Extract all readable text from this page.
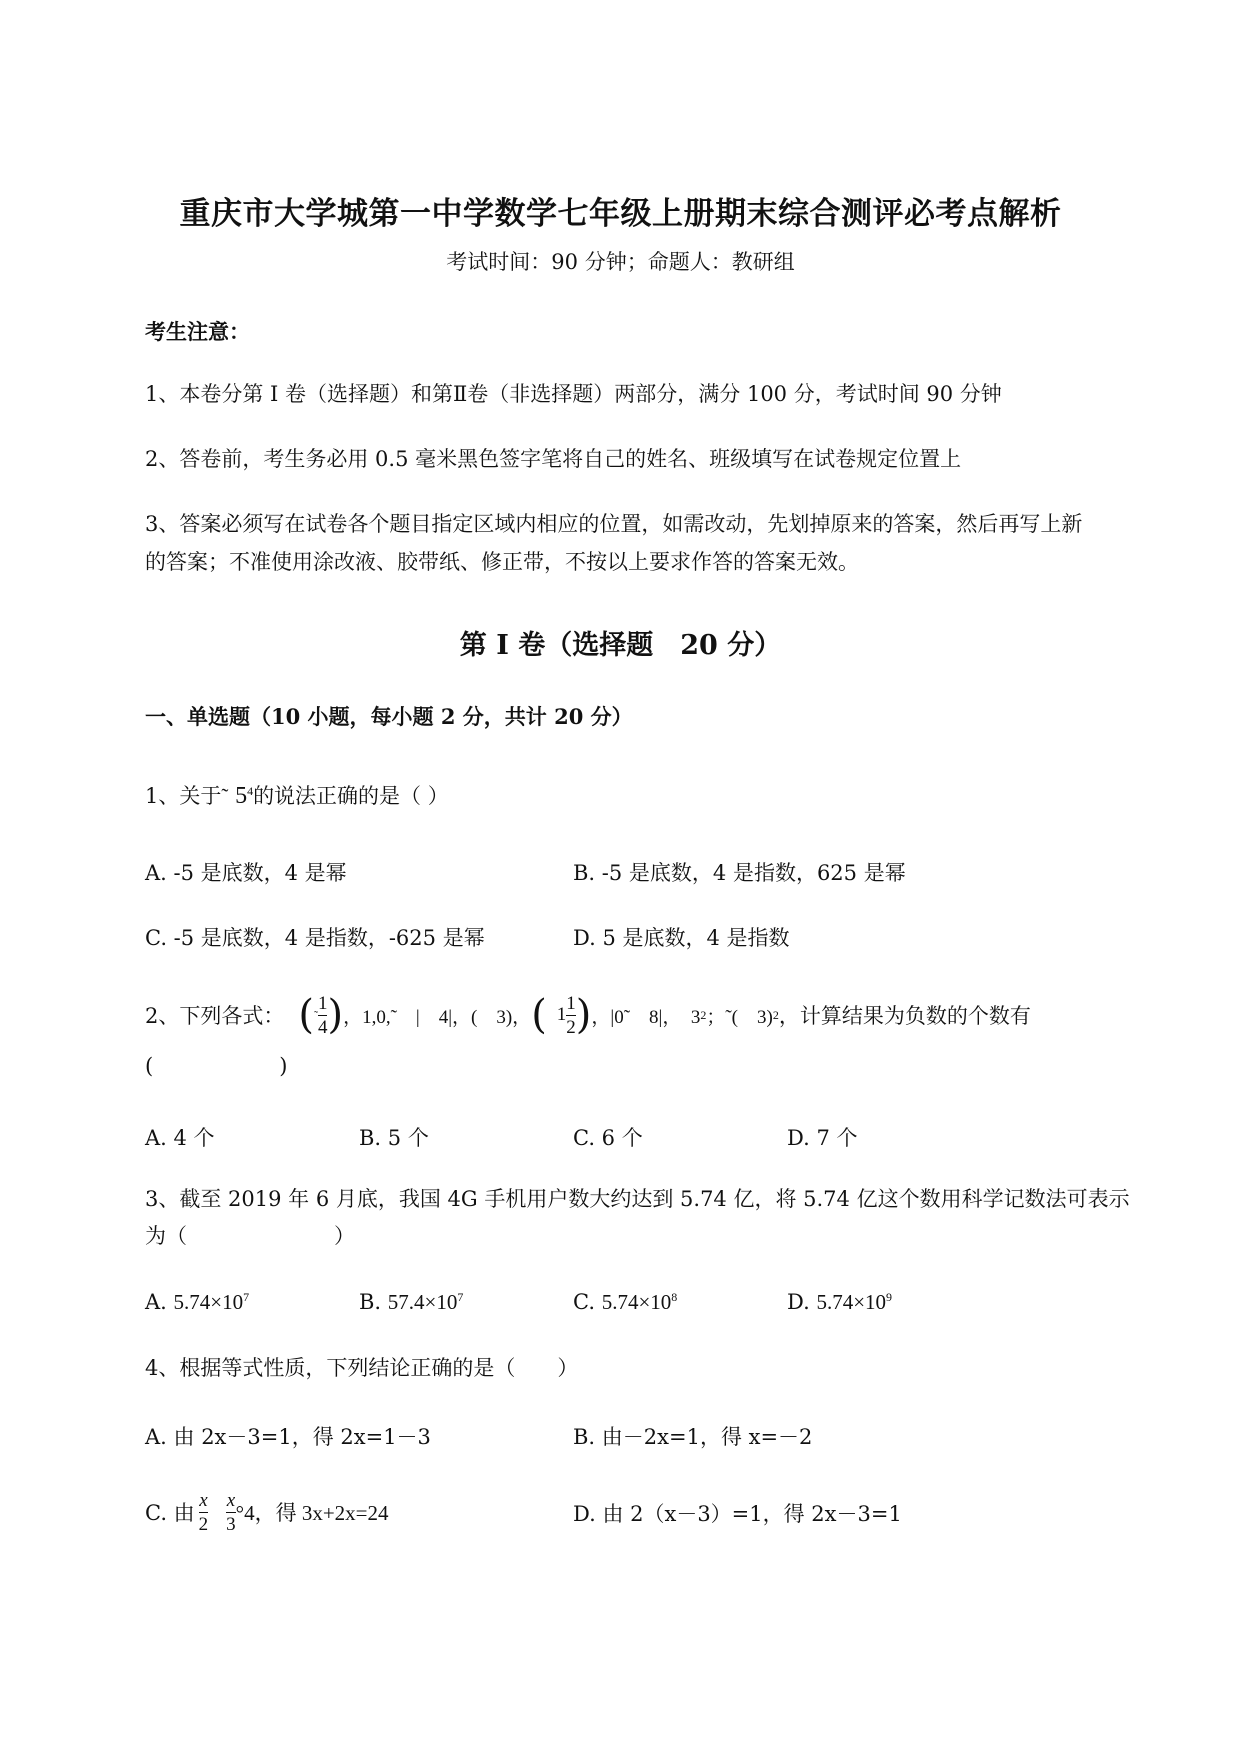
重庆市大学城第一中学数学七年级上册期末综合测评必考点解析
考试时间：90 分钟；命题人：教研组
考生注意：
1、本卷分第 I 卷（选择题）和第Ⅱ卷（非选择题）两部分，满分 100 分，考试时间 90 分钟
2、答卷前，考生务必用 0.5 毫米黑色签字笔将自己的姓名、班级填写在试卷规定位置上
3、答案必须写在试卷各个题目指定区域内相应的位置，如需改动，先划掉原来的答案，然后再写上新
的答案；不准使用涂改液、胶带纸、修正带，不按以上要求作答的答案无效。
第 I 卷（选择题　20 分）
一、单选题（10 小题，每小题 2 分，共计 20 分）
1、关于˜ $5^4$的说法正确的是（ ）
A. -5 是底数，4 是幂	B. -5 是底数，4 是指数，625 是幂
C. -5 是底数，4 是指数，-625 是幂	D. 5 是底数，4 是指数
2、下列各式： ( ˜ $\frac{1}{4}$ ) ，1,0,˜　|　4|，(　3)， ( $1 \frac{1}{2}$ ) ，|0˜　8|，　3 2 ；˜(　3) 2 ，计算结果为负数的个数有
(　　　　　　)
A. 4 个	B. 5 个	C. 6 个	D. 7 个
3、截至 2019 年 6 月底，我国 4G 手机用户数大约达到 5.74 亿，将 5.74 亿这个数用科学记数法可表示
为（　　　　　　　）
A. $5.74\times 10^7$	B. $57.4\times 10^7$	C. $5.74\times 10^8$	D. $5.74\times 10^9$
4、根据等式性质，下列结论正确的是（　　）
A. 由 2x－3=1，得 2x=1－3	B. 由－2x=1，得 x=－2
C. 由 $\frac{x}{2} \frac{x}{3} ^\circ 4$，得 3x+2x=24	D. 由 2（x－3）=1，得 2x－3=1
